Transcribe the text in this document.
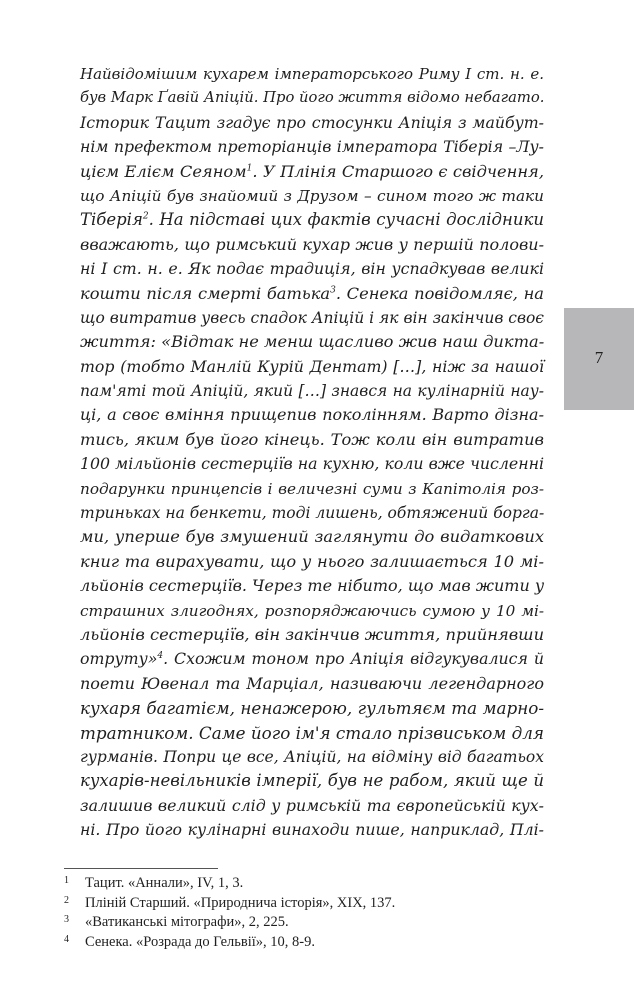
Найвідомішим кухарем імператорського Риму I ст. н. е.
був Марк Ґавій Апіцій. Про його життя відомо небагато.
Історик Тацит згадує про стосунки Апіція з майбут-
нім префектом преторіанців імператора Тіберія –Лу-
цієм Елієм Сеяном$^1$. У Плінія Старшого є свідчення,
що Апіцій був знайомий з Друзом – сином того ж таки
Тіберія$^2$. На підставі цих фактів сучасні дослідники
вважають, що римський кухар жив у першій полови-
ні I ст. н. е. Як подає традиція, він успадкував великі
кошти після смерті батька$^3$. Сенека повідомляє, на
що витратив увесь спадок Апіцій і як він закінчив своє
життя: «Відтак не менш щасливо жив наш дикта-
тор (тобто Манлій Курій Дентат) […], ніж за нашої
пам'яті той Апіцій, який […] знався на кулінарній нау-
ці, а своє вміння прищепив поколінням. Варто дізна-
тись, яким був його кінець. Тож коли він витратив
100 мільйонів сестерціїв на кухню, коли вже численні
подарунки принцепсів і величезні суми з Капітолія роз-
триньках на бенкети, тоді лишень, обтяжений борга-
ми, уперше був змушений заглянути до видаткових
книг та вирахувати, що у нього залишається 10 мі-
льйонів сестерціїв. Через те нібито, що мав жити у
страшних злигоднях, розпоряджаючись сумою у 10 мі-
льйонів сестерціїв, він закінчив життя, прийнявши
отруту»$^4$. Схожим тоном про Апіція відгукувалися й
поети Ювенал та Марціал, називаючи легендарного
кухаря багатієм, ненажерою, гультяєм та марно-
тратником. Саме його ім'я стало прізвиськом для
гурманів. Попри це все, Апіцій, на відміну від багатьох
кухарів-невільників імперії, був не рабом, який ще й
залишив великий слід у римській та європейській кух-
ні. Про його кулінарні винаходи пише, наприклад, Плі-
7
1	Тацит. «Аннали», IV, 1, 3.
2	Пліній Старший. «Природнича історія», XIX, 137.
3	«Ватиканські мітографи», 2, 225.
4	Сенека. «Розрада до Гельвії», 10, 8-9.
